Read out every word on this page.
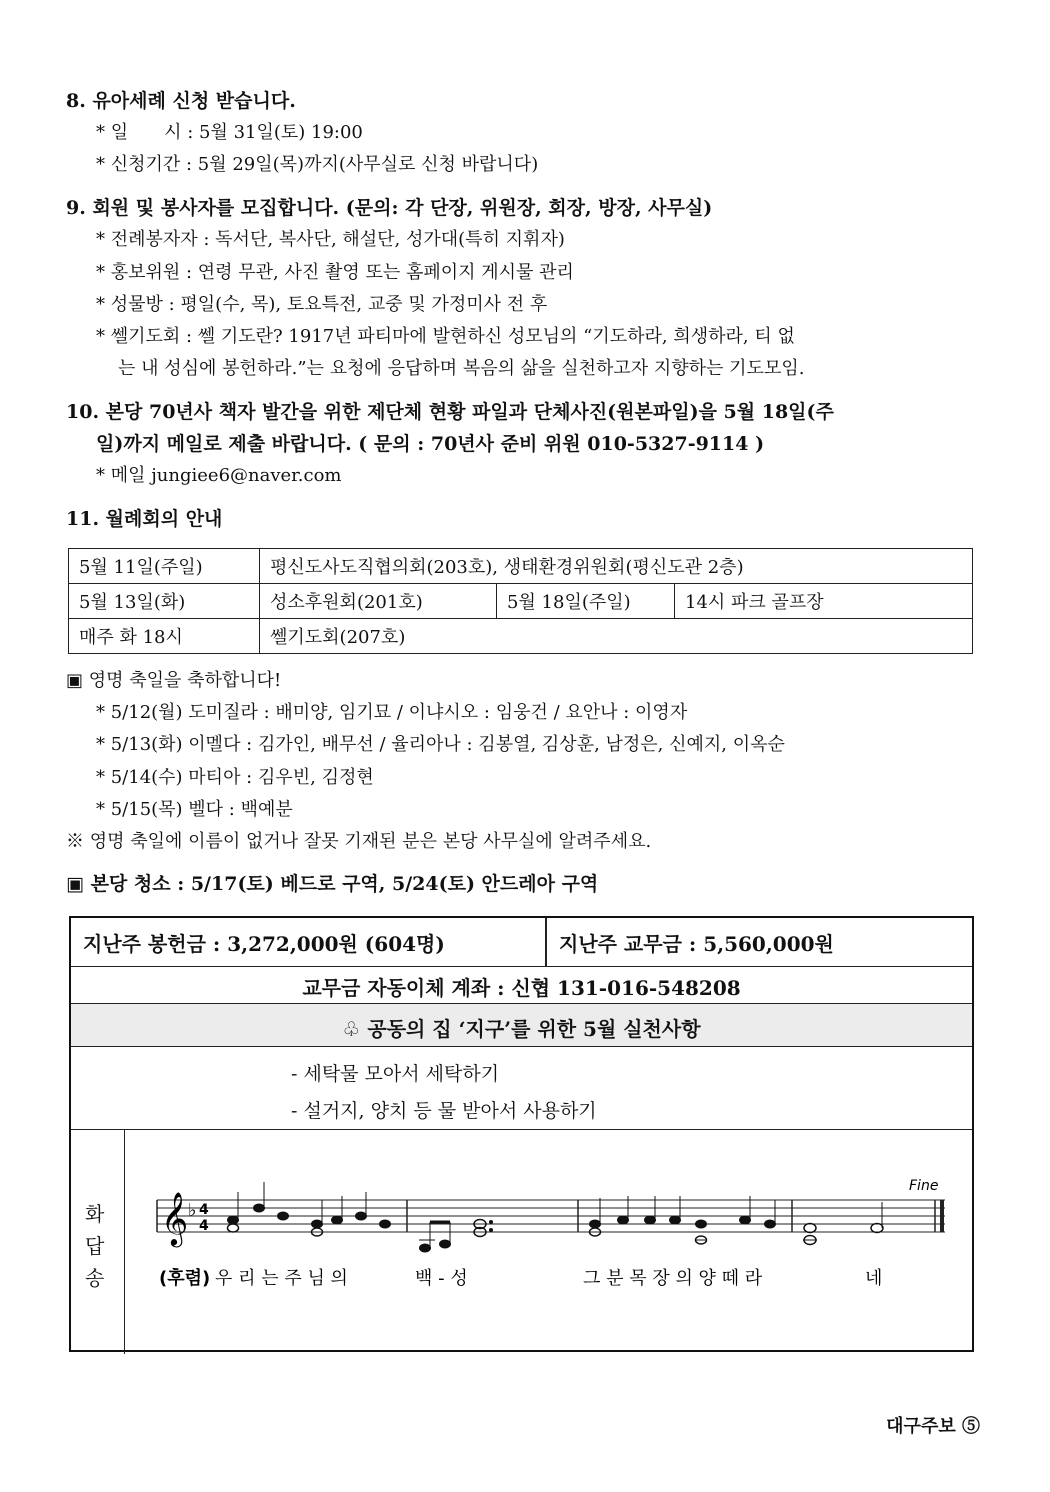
8. 유아세례 신청 받습니다.
* 일　　시 : 5월 31일(토) 19:00
* 신청기간 : 5월 29일(목)까지(사무실로 신청 바랍니다)
9. 회원 및 봉사자를 모집합니다. (문의: 각 단장, 위원장, 회장, 방장, 사무실)
* 전례봉자자 : 독서단, 복사단, 해설단, 성가대(특히 지휘자)
* 홍보위원 : 연령 무관, 사진 촬영 또는 홈페이지 게시물 관리
* 성물방 : 평일(수, 목), 토요특전, 교중 및 가정미사 전 후
* 쎌기도회 : 쎌 기도란? 1917년 파티마에 발현하신 성모님의 “기도하라, 희생하라, 티 없
는 내 성심에 봉헌하라.”는 요청에 응답하며 복음의 삶을 실천하고자 지향하는 기도모임.
10. 본당 70년사 책자 발간을 위한 제단체 현황 파일과 단체사진(원본파일)을 5월 18일(주
일)까지 메일로 제출 바랍니다. ( 문의 : 70년사 준비 위원 010-5327-9114 )
* 메일 jungiee6@naver.com
11. 월례회의 안내
5월 11일(주일)	평신도사도직협의회(203호), 생태환경위원회(평신도관 2층)		
5월 13일(화)	성소후원회(201호)	5월 18일(주일)	14시 파크 골프장
매주 화 18시	쎌기도회(207호)		
▣ 영명 축일을 축하합니다!
* 5/12(월) 도미질라 : 배미양, 임기묘 / 이냐시오 : 임웅건 / 요안나 : 이영자
* 5/13(화) 이멜다 : 김가인, 배무선 / 율리아나 : 김봉열, 김상훈, 남정은, 신예지, 이옥순
* 5/14(수) 마티아 : 김우빈, 김정현
* 5/15(목) 벨다 : 백예분
※ 영명 축일에 이름이 없거나 잘못 기재된 분은 본당 사무실에 알려주세요.
▣ 본당 청소 : 5/17(토) 베드로 구역, 5/24(토) 안드레아 구역
지난주 봉헌금 : 3,272,000원 (604명)	지난주 교무금 : 5,560,000원
교무금 자동이체 계좌 : 신협 131-016-548208
♧ 공동의 집 ‘지구’를 위한 5월 실천사항
- 세탁물 모아서 세탁하기
- 설거지, 양치 등 물 받아서 사용하기
화
답
송
𝄞 ♭ 4
4
Fine
(후렴) 우 리 는 주 님 의	백 - 성	그 분 목 장 의 양 떼 라	네
대구주보 ⑤
